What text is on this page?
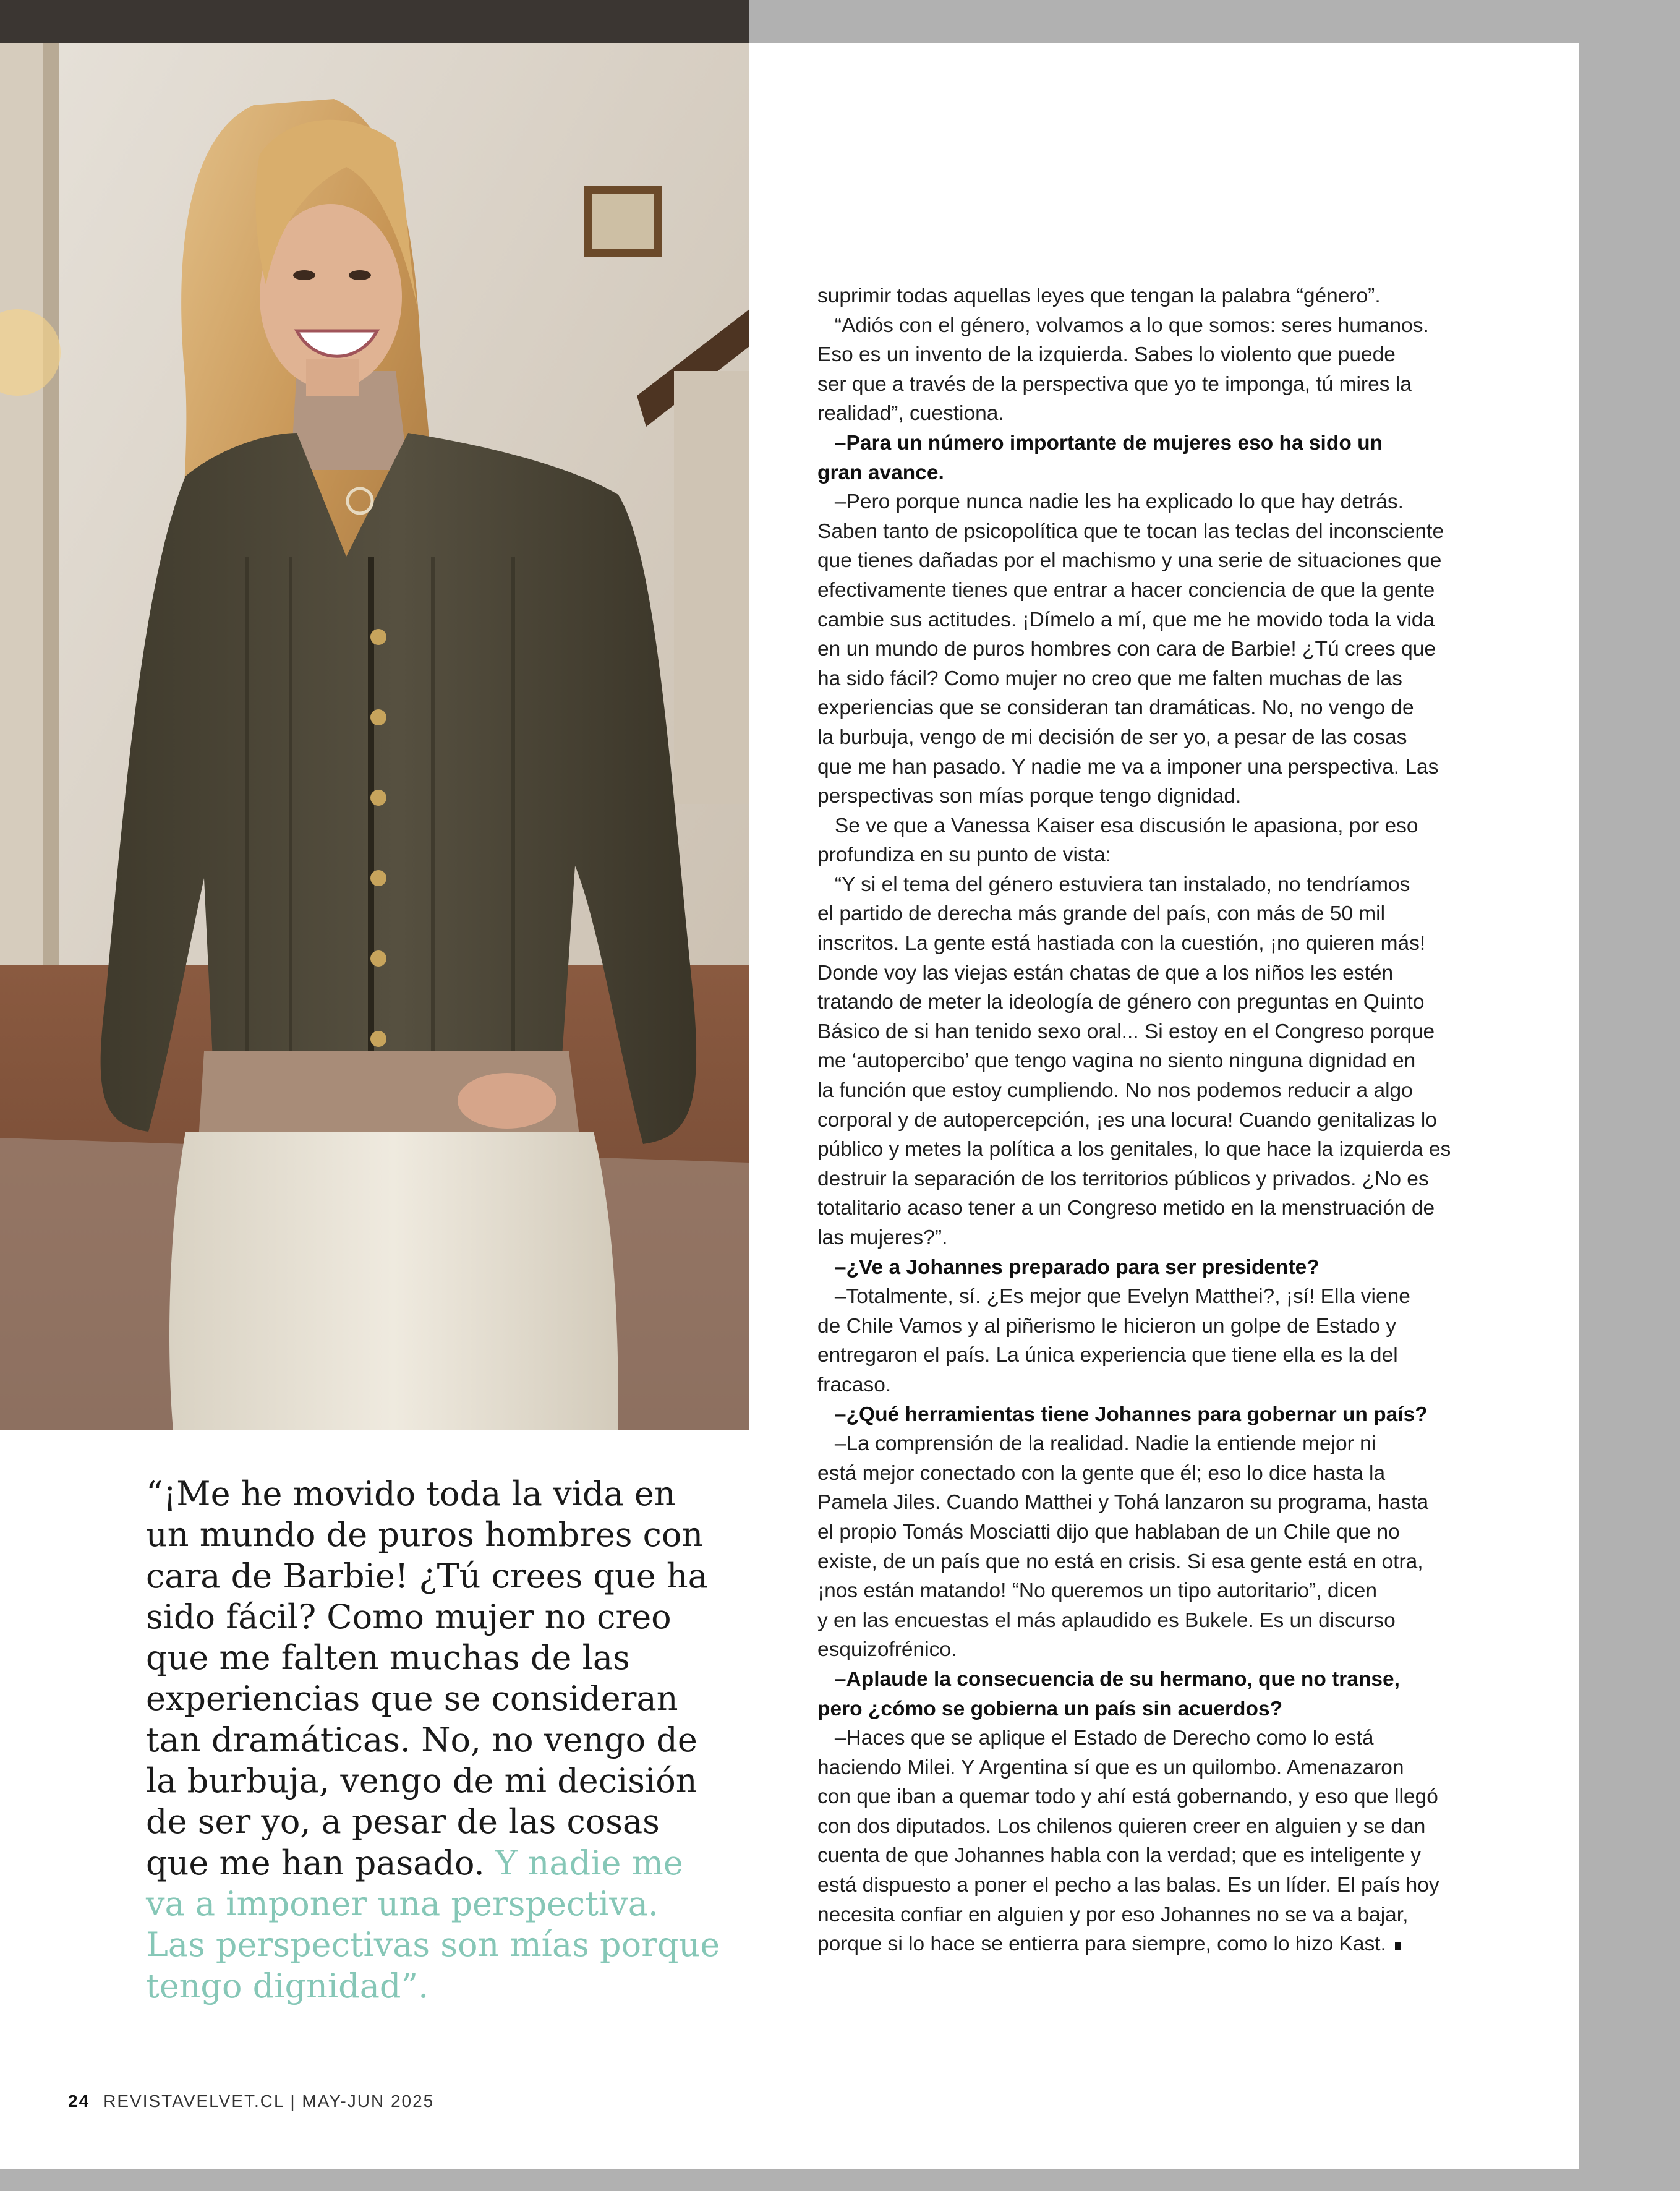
suprimir todas aquellas leyes que tengan la palabra “género”.

“Adiós con el género, volvamos a lo que somos: seres humanos.

Eso es un invento de la izquierda. Sabes lo violento que puede

ser que a través de la perspectiva que yo te imponga, tú mires la

realidad”, cuestiona.

–Para un número importante de mujeres eso ha sido un

gran avance.

–Pero porque nunca nadie les ha explicado lo que hay detrás.

Saben tanto de psicopolítica que te tocan las teclas del inconsciente

que tienes dañadas por el machismo y una serie de situaciones que

efectivamente tienes que entrar a hacer conciencia de que la gente

cambie sus actitudes. ¡Dímelo a mí, que me he movido toda la vida

en un mundo de puros hombres con cara de Barbie! ¿Tú crees que

ha sido fácil? Como mujer no creo que me falten muchas de las

experiencias que se consideran tan dramáticas. No, no vengo de

la burbuja, vengo de mi decisión de ser yo, a pesar de las cosas

que me han pasado. Y nadie me va a imponer una perspectiva. Las

perspectivas son mías porque tengo dignidad.

Se ve que a Vanessa Kaiser esa discusión le apasiona, por eso

profundiza en su punto de vista:

“Y si el tema del género estuviera tan instalado, no tendríamos

el partido de derecha más grande del país, con más de 50 mil

inscritos. La gente está hastiada con la cuestión, ¡no quieren más!

Donde voy las viejas están chatas de que a los niños les estén

tratando de meter la ideología de género con preguntas en Quinto

Básico de si han tenido sexo oral... Si estoy en el Congreso porque

me ‘autopercibo’ que tengo vagina no siento ninguna dignidad en

la función que estoy cumpliendo. No nos podemos reducir a algo

corporal y de autopercepción, ¡es una locura! Cuando genitalizas lo

público y metes la política a los genitales, lo que hace la izquierda es

destruir la separación de los territorios públicos y privados. ¿No es

totalitario acaso tener a un Congreso metido en la menstruación de

las mujeres?”.

–¿Ve a Johannes preparado para ser presidente?

–Totalmente, sí. ¿Es mejor que Evelyn Matthei?, ¡sí! Ella viene

de Chile Vamos y al piñerismo le hicieron un golpe de Estado y

entregaron el país. La única experiencia que tiene ella es la del

fracaso.

–¿Qué herramientas tiene Johannes para gobernar un país?

–La comprensión de la realidad. Nadie la entiende mejor ni

está mejor conectado con la gente que él; eso lo dice hasta la

Pamela Jiles. Cuando Matthei y Tohá lanzaron su programa, hasta

el propio Tomás Mosciatti dijo que hablaban de un Chile que no

existe, de un país que no está en crisis. Si esa gente está en otra,

¡nos están matando! “No queremos un tipo autoritario”, dicen

y en las encuestas el más aplaudido es Bukele. Es un discurso

esquizofrénico.

–Aplaude la consecuencia de su hermano, que no transe,

pero ¿cómo se gobierna un país sin acuerdos?

–Haces que se aplique el Estado de Derecho como lo está

haciendo Milei. Y Argentina sí que es un quilombo. Amenazaron

con que iban a quemar todo y ahí está gobernando, y eso que llegó

con dos diputados. Los chilenos quieren creer en alguien y se dan

cuenta de que Johannes habla con la verdad; que es inteligente y

está dispuesto a poner el pecho a las balas. Es un líder. El país hoy

necesita confiar en alguien y por eso Johannes no se va a bajar,

porque si lo hace se entierra para siempre, como lo hizo Kast.

“¡Me he movido toda la vida en
un mundo de puros hombres con
cara de Barbie! ¿Tú crees que ha
sido fácil? Como mujer no creo
que me falten muchas de las
experiencias que se consideran
tan dramáticas. No, no vengo de
la burbuja, vengo de mi decisión
de ser yo, a pesar de las cosas
que me han pasado. Y nadie me
va a imponer una perspectiva.
Las perspectivas son mías porque
tengo dignidad”.
24 REVISTAVELVET.CL | MAY-JUN 2025
